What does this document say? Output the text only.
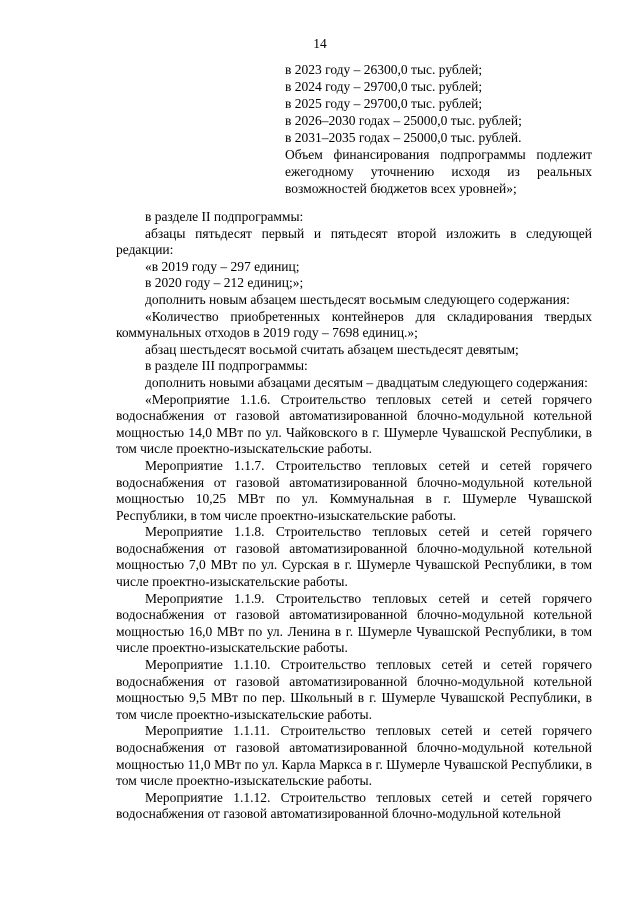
14
в 2023 году – 26300,0 тыс. рублей;
в 2024 году – 29700,0 тыс. рублей;
в 2025 году – 29700,0 тыс. рублей;
в 2026–2030 годах – 25000,0 тыс. рублей;
в 2031–2035 годах – 25000,0 тыс. рублей.
Объем финансирования подпрограммы подлежит ежегодному уточнению исходя из реальных возможностей бюджетов всех уровней»;

в разделе II подпрограммы:

абзацы пятьдесят первый и пятьдесят второй изложить в следующей редакции:

«в 2019 году – 297 единиц;

в 2020 году – 212 единиц;»;

дополнить новым абзацем шестьдесят восьмым следующего содержания:

«Количество приобретенных контейнеров для складирования твердых коммунальных отходов в 2019 году – 7698 единиц.»;

абзац шестьдесят восьмой считать абзацем шестьдесят девятым;

в разделе III подпрограммы:

дополнить новыми абзацами десятым – двадцатым следующего содержания:

«Мероприятие 1.1.6. Строительство тепловых сетей и сетей горячего водоснабжения от газовой автоматизированной блочно-модульной котельной мощностью 14,0 МВт по ул. Чайковского в г. Шумерле Чувашской Республики, в том числе проектно-изыскательские работы.

Мероприятие 1.1.7. Строительство тепловых сетей и сетей горячего водоснабжения от газовой автоматизированной блочно-модульной котельной мощностью 10,25 МВт по ул. Коммунальная в г. Шумерле Чувашской Республики, в том числе проектно-изыскательские работы.

Мероприятие 1.1.8. Строительство тепловых сетей и сетей горячего водоснабжения от газовой автоматизированной блочно-модульной котельной мощностью 7,0 МВт по ул. Сурская в г. Шумерле Чувашской Республики, в том числе проектно-изыскательские работы.

Мероприятие 1.1.9. Строительство тепловых сетей и сетей горячего водоснабжения от газовой автоматизированной блочно-модульной котельной мощностью 16,0 МВт по ул. Ленина в г. Шумерле Чувашской Республики, в том числе проектно-изыскательские работы.

Мероприятие 1.1.10. Строительство тепловых сетей и сетей горячего водоснабжения от газовой автоматизированной блочно-модульной котельной мощностью 9,5 МВт по пер. Школьный в г. Шумерле Чувашской Республики, в том числе проектно-изыскательские работы.

Мероприятие 1.1.11. Строительство тепловых сетей и сетей горячего водоснабжения от газовой автоматизированной блочно-модульной котельной мощностью 11,0 МВт по ул. Карла Маркса в г. Шумерле Чувашской Республики, в том числе проектно-изыскательские работы.

Мероприятие 1.1.12. Строительство тепловых сетей и сетей горячего водоснабжения от газовой автоматизированной блочно-модульной котельной
